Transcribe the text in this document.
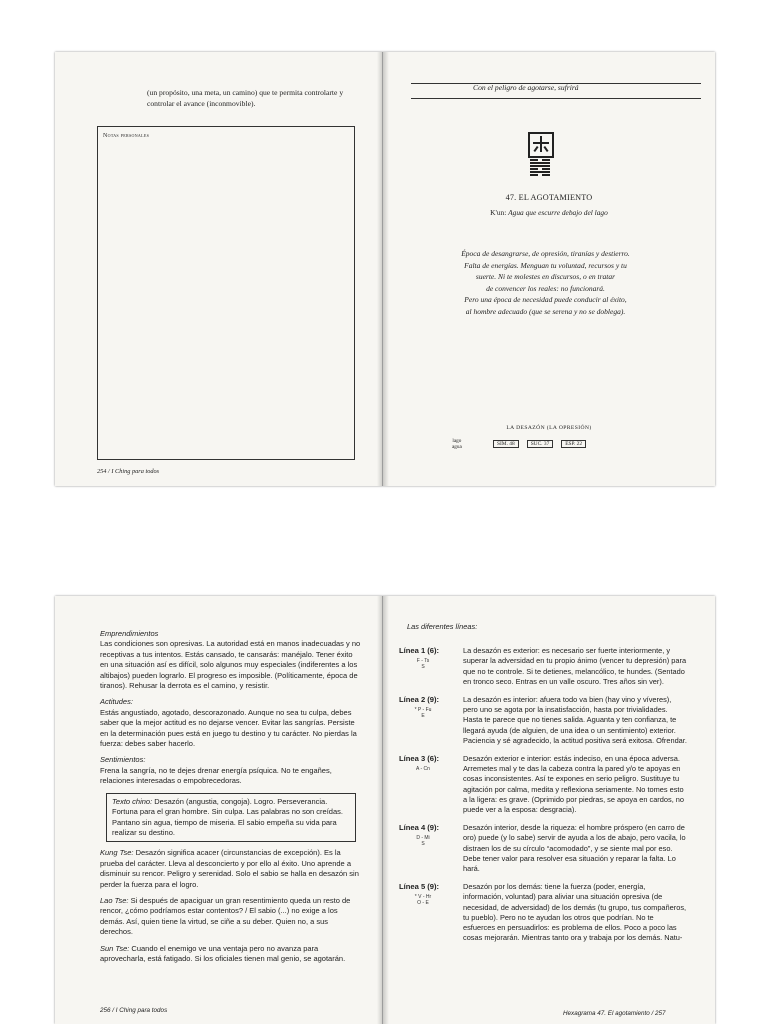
(un propósito, una meta, un camino) que te permita controlarte y controlar el avance (inconmovible).
Notas personales
254 / I Ching para todos
Con el peligro de agotarse, sufrirá
47. EL AGOTAMIENTO
K'un: Agua que escurre debajo del lago
Época de desangrarse, de opresión, tiranías y destierro.
Falta de energías. Menguan tu voluntad, recursos y tu
suerte. Ni te molestes en discursos, o en tratar
de convencer los reales: no funcionará.
Pero una época de necesidad puede conducir al éxito,
al hombre adecuado (que se serena y no se doblega).
LA DESAZÓN (LA OPRESIÓN)
lago
agua
SIM. 48	SUC. 37	ESP. 22

Emprendimientos

Las condiciones son opresivas. La autoridad está en manos inadecuadas y no receptivas a tus intentos. Estás cansado, te cansarás: manéjalo. Tener éxito en una situación así es difícil, solo algunos muy especiales (indiferentes a los altibajos) pueden lograrlo. El progreso es imposible. (Políticamente, época de tiranos). Rehusar la derrota es el camino, y resistir.

Actitudes:

Estás angustiado, agotado, descorazonado. Aunque no sea tu culpa, debes saber que la mejor actitud es no dejarse vencer. Evitar las sangrías. Persiste en la determinación pues está en juego tu destino y tu carácter. No pierdas la fuerza: debes saber hacerlo.

Sentimientos:

Frena la sangría, no te dejes drenar energía psíquica. No te engañes, relaciones interesadas o empobrecedoras.

Texto chino: Desazón (angustia, congoja). Logro. Perseverancia. Fortuna para el gran hombre. Sin culpa. Las palabras no son creídas. Pantano sin agua, tiempo de miseria. El sabio empeña su vida para realizar su destino.

Kung Tse: Desazón significa acacer (circunstancias de excepción). Es la prueba del carácter. Lleva al desconcierto y por ello al éxito. Uno aprende a disminuir su rencor. Peligro y serenidad. Solo el sabio se halla en desazón sin perder la fuerza para el logro.

Lao Tse: Si después de apaciguar un gran resentimiento queda un resto de rencor, ¿cómo podríamos estar contentos? / El sabio (...) no exige a los demás. Así, quien tiene la virtud, se ciñe a su deber. Quien no, a sus derechos.

Sun Tse: Cuando el enemigo ve una ventaja pero no avanza para aprovecharla, está fatigado. Si los oficiales tienen mal genio, se agotarán.

256 / I Ching para todos

Las diferentes líneas:

Línea 1 (6):
F - Ts
S
La desazón es exterior: es necesario ser fuerte interiormente, y superar la adversidad en tu propio ánimo (vencer tu depresión) para que no te controle. Si te detienes, melancólico, te hundes. (Sentado en tronco seco. Entras en un valle oscuro. Tres años sin ver).
Línea 2 (9):
* P - Fu
E
La desazón es interior: afuera todo va bien (hay vino y víveres), pero uno se agota por la insatisfacción, hasta por trivialidades. Hasta te parece que no tienes salida. Aguanta y ten confianza, te llegará ayuda (de alguien, de una idea o un sentimiento) exterior. Paciencia y sé agradecido, la actitud positiva será exitosa. Ofrendar.
Línea 3 (6):
A - Cn
Desazón exterior e interior: estás indeciso, en una época adversa. Arremetes mal y te das la cabeza contra la pared y/o te apoyas en cosas inconsistentes. Así te expones en serio peligro. Sustituye tu agitación por calma, medita y reflexiona seriamente. No tomes esto a la ligera: es grave. (Oprimido por piedras, se apoya en cardos, no puede ver a la esposa: desgracia).
Línea 4 (9):
D - Mi
S
Desazón interior, desde la riqueza: el hombre próspero (en carro de oro) puede (y lo sabe) servir de ayuda a los de abajo, pero vacila, lo distraen los de su círculo “acomodado”, y se siente mal por eso. Debe tener valor para resolver esa situación y reparar la falta. Lo hará.
Línea 5 (9):
* V - Hr
O - E
Desazón por los demás: tiene la fuerza (poder, energía, información, voluntad) para aliviar una situación opresiva (de necesidad, de adversidad) de los demás (tu grupo, tus compañeros, tu pueblo). Pero no te ayudan los otros que podrían. No te esfuerces en persuadirlos: es problema de ellos. Poco a poco las cosas mejorarán. Mientras tanto ora y trabaja por los demás. Natu-
Hexagrama 47. El agotamiento / 257
